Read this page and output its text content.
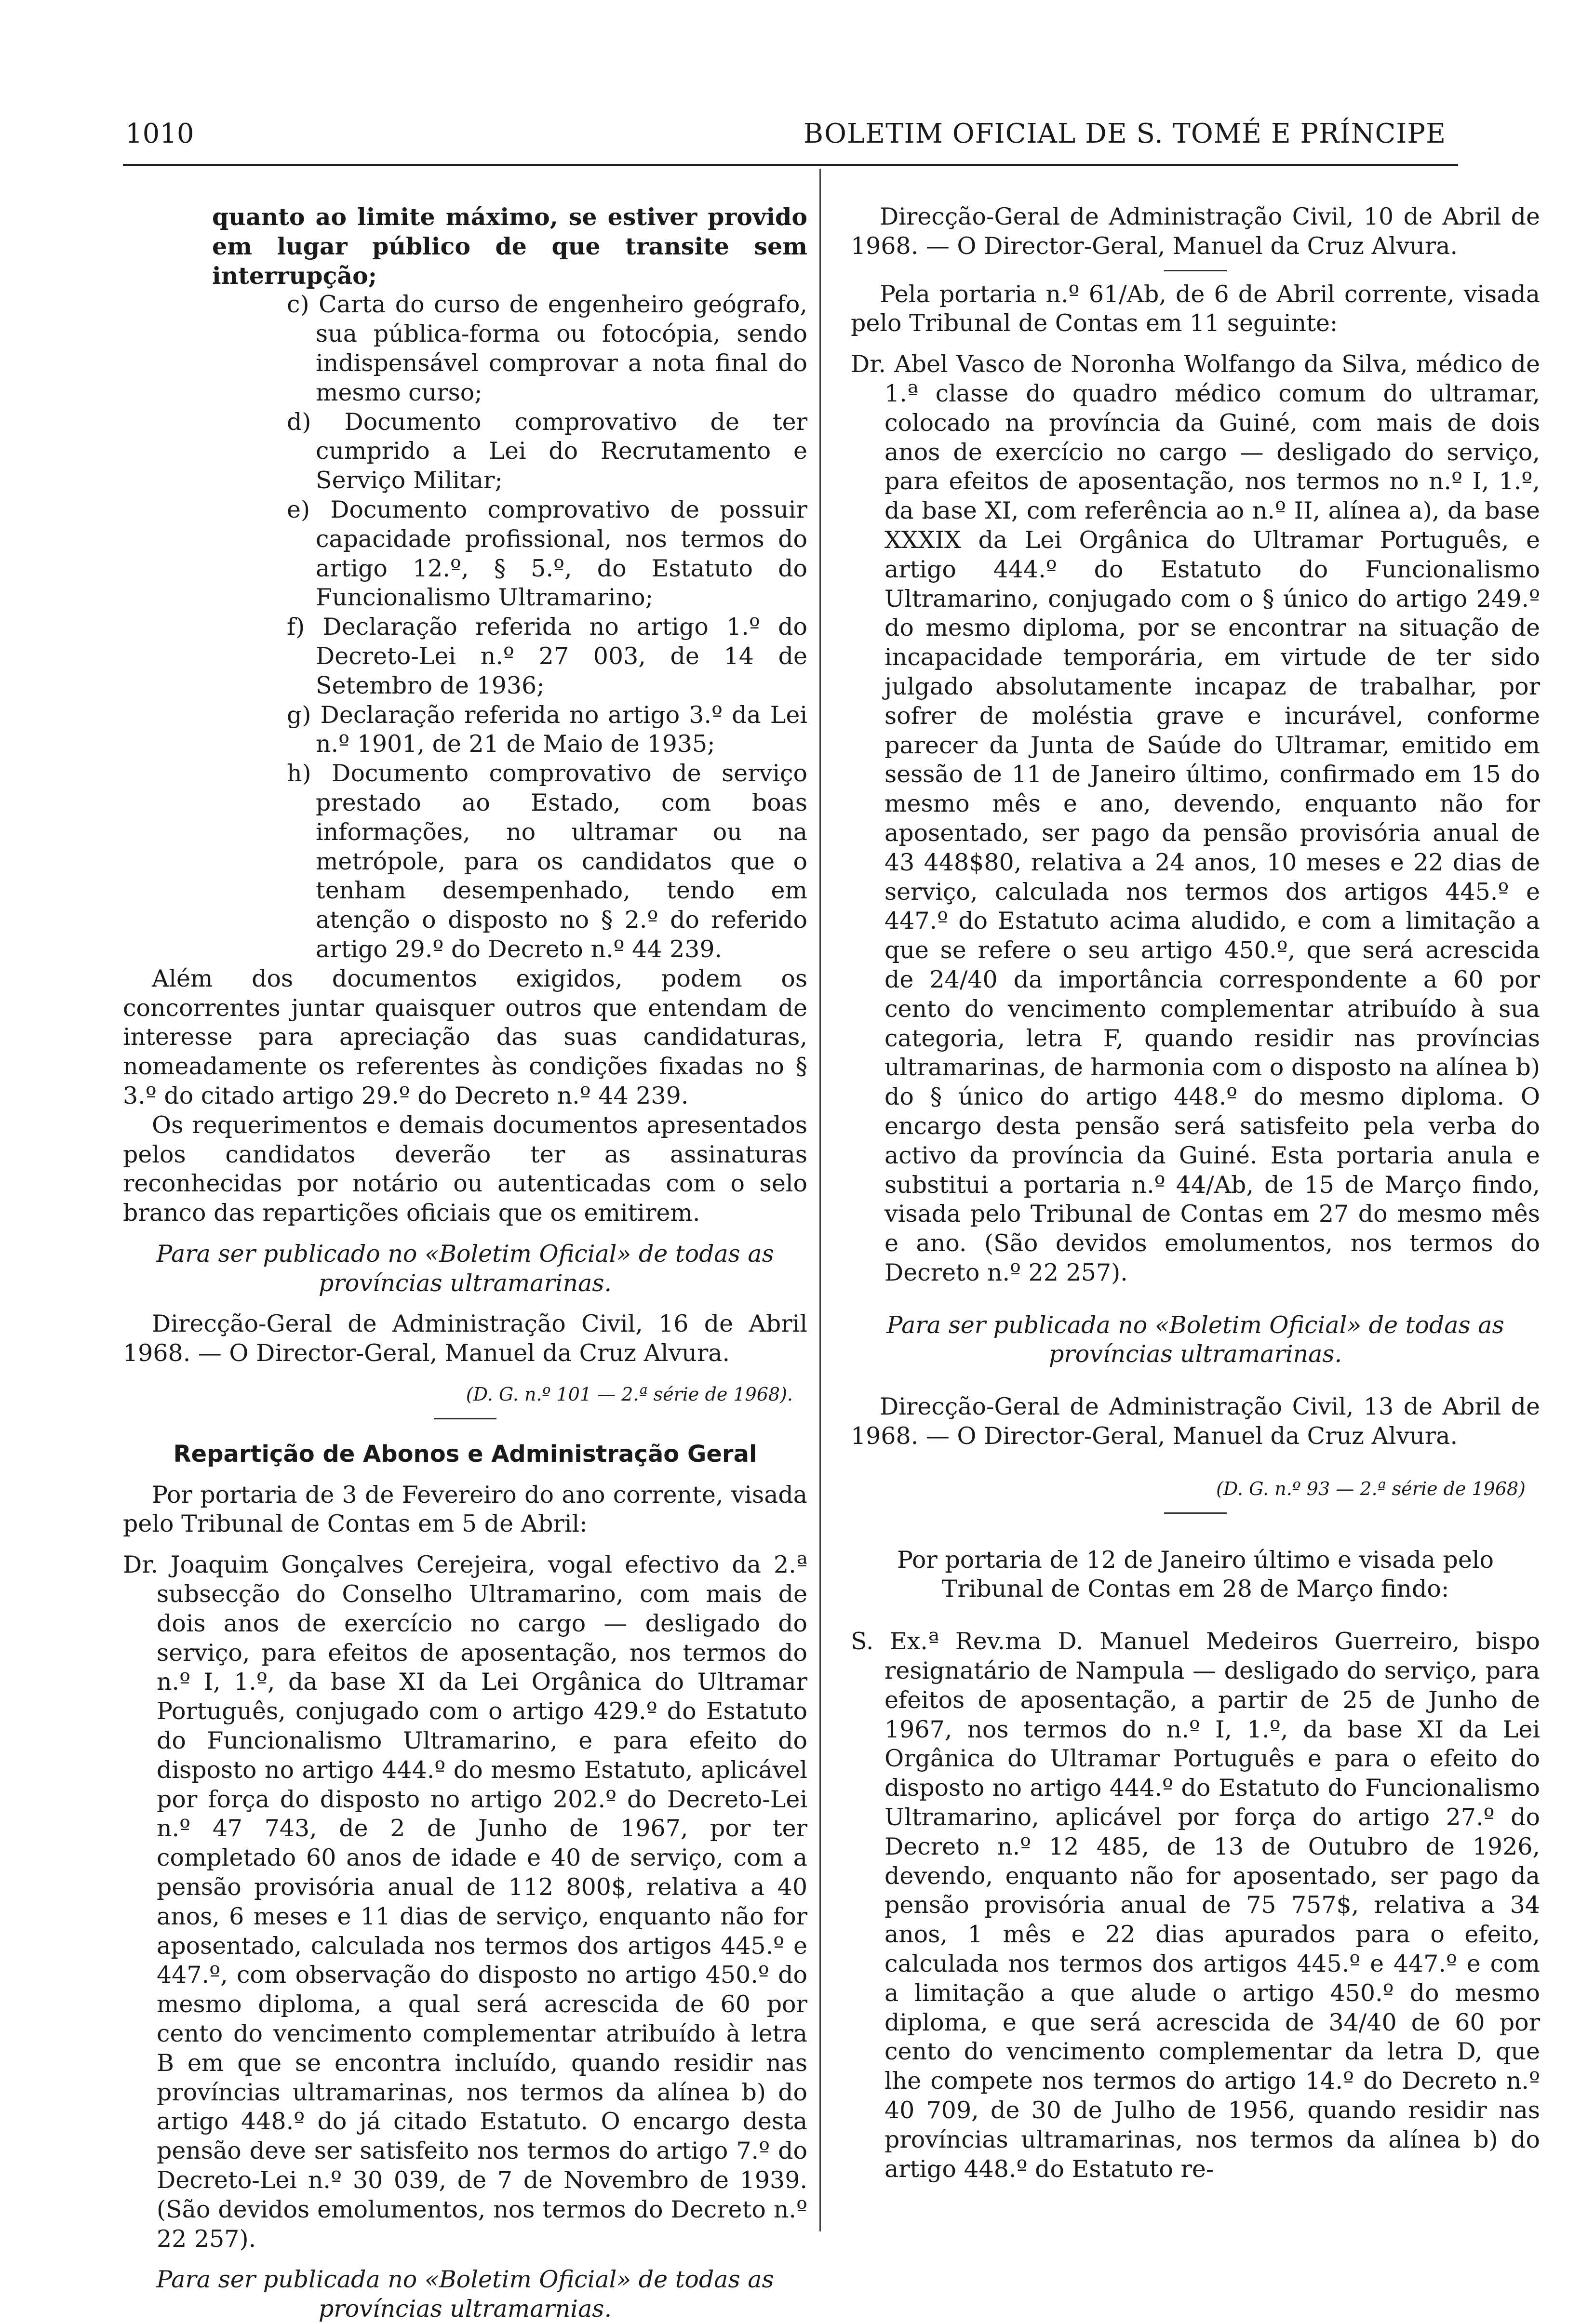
1010	BOLETIM OFICIAL DE S. TOMÉ E PRÍNCIPE

quanto ao limite máximo, se estiver provido em lugar público de que transite sem interrupção;

c) Carta do curso de engenheiro geógrafo, sua pública-forma ou fotocópia, sendo indispensável comprovar a nota final do mesmo curso;

d) Documento comprovativo de ter cumprido a Lei do Recrutamento e Serviço Militar;

e) Documento comprovativo de possuir capacidade profissional, nos termos do artigo 12.º, § 5.º, do Estatuto do Funcionalismo Ultramarino;

f) Declaração referida no artigo 1.º do Decreto-Lei n.º 27 003, de 14 de Setembro de 1936;

g) Declaração referida no artigo 3.º da Lei n.º 1901, de 21 de Maio de 1935;

h) Documento comprovativo de serviço prestado ao Estado, com boas informações, no ultramar ou na metrópole, para os candidatos que o tenham desempenhado, tendo em atenção o disposto no § 2.º do referido artigo 29.º do Decreto n.º 44 239.

Além dos documentos exigidos, podem os concorrentes juntar quaisquer outros que entendam de interesse para apreciação das suas candidaturas, nomeadamente os referentes às condições fixadas no § 3.º do citado artigo 29.º do Decreto n.º 44 239.

Os requerimentos e demais documentos apresentados pelos candidatos deverão ter as assinaturas reconhecidas por notário ou autenticadas com o selo branco das repartições oficiais que os emitirem.

Para ser publicado no «Boletim Oficial» de todas as províncias ultramarinas.

Direcção-Geral de Administração Civil, 16 de Abril 1968. — O Director-Geral, Manuel da Cruz Alvura.

(D. G. n.º 101 — 2.ª série de 1968).

Repartição de Abonos e Administração Geral

Por portaria de 3 de Fevereiro do ano corrente, visada pelo Tribunal de Contas em 5 de Abril:

Dr. Joaquim Gonçalves Cerejeira, vogal efectivo da 2.ª subsecção do Conselho Ultramarino, com mais de dois anos de exercício no cargo — desligado do serviço, para efeitos de aposentação, nos termos do n.º I, 1.º, da base XI da Lei Orgânica do Ultramar Português, conjugado com o artigo 429.º do Estatuto do Funcionalismo Ultramarino, e para efeito do disposto no artigo 444.º do mesmo Estatuto, aplicável por força do disposto no artigo 202.º do Decreto-Lei n.º 47 743, de 2 de Junho de 1967, por ter completado 60 anos de idade e 40 de serviço, com a pensão provisória anual de 112 800$, relativa a 40 anos, 6 meses e 11 dias de serviço, enquanto não for aposentado, calculada nos termos dos artigos 445.º e 447.º, com observação do disposto no artigo 450.º do mesmo diploma, a qual será acrescida de 60 por cento do vencimento complementar atribuído à letra B em que se encontra incluído, quando residir nas províncias ultramarinas, nos termos da alínea b) do artigo 448.º do já citado Estatuto. O encargo desta pensão deve ser satisfeito nos termos do artigo 7.º do Decreto-Lei n.º 30 039, de 7 de Novembro de 1939. (São devidos emolumentos, nos termos do Decreto n.º 22 257).

Para ser publicada no «Boletim Oficial» de todas as províncias ultramarnias.

Direcção-Geral de Administração Civil, 10 de Abril de 1968. — O Director-Geral, Manuel da Cruz Alvura.

Pela portaria n.º 61/Ab, de 6 de Abril corrente, visada pelo Tribunal de Contas em 11 seguinte:

Dr. Abel Vasco de Noronha Wolfango da Silva, médico de 1.ª classe do quadro médico comum do ultramar, colocado na província da Guiné, com mais de dois anos de exercício no cargo — desligado do serviço, para efeitos de aposentação, nos termos no n.º I, 1.º, da base XI, com referência ao n.º II, alínea a), da base XXXIX da Lei Orgânica do Ultramar Português, e artigo 444.º do Estatuto do Funcionalismo Ultramarino, conjugado com o § único do artigo 249.º do mesmo diploma, por se encontrar na situação de incapacidade temporária, em virtude de ter sido julgado absolutamente incapaz de trabalhar, por sofrer de moléstia grave e incurável, conforme parecer da Junta de Saúde do Ultramar, emitido em sessão de 11 de Janeiro último, confirmado em 15 do mesmo mês e ano, devendo, enquanto não for aposentado, ser pago da pensão provisória anual de 43 448$80, relativa a 24 anos, 10 meses e 22 dias de serviço, calculada nos termos dos artigos 445.º e 447.º do Estatuto acima aludido, e com a limitação a que se refere o seu artigo 450.º, que será acrescida de 24/40 da importância correspondente a 60 por cento do vencimento complementar atribuído à sua categoria, letra F, quando residir nas províncias ultramarinas, de harmonia com o disposto na alínea b) do § único do artigo 448.º do mesmo diploma. O encargo desta pensão será satisfeito pela verba do activo da província da Guiné. Esta portaria anula e substitui a portaria n.º 44/Ab, de 15 de Março findo, visada pelo Tribunal de Contas em 27 do mesmo mês e ano. (São devidos emolumentos, nos termos do Decreto n.º 22 257).

Para ser publicada no «Boletim Oficial» de todas as províncias ultramarinas.

Direcção-Geral de Administração Civil, 13 de Abril de 1968. — O Director-Geral, Manuel da Cruz Alvura.

(D. G. n.º 93 — 2.ª série de 1968)

Por portaria de 12 de Janeiro último e visada pelo Tribunal de Contas em 28 de Março findo:

S. Ex.ª Rev.ma D. Manuel Medeiros Guerreiro, bispo resignatário de Nampula — desligado do serviço, para efeitos de aposentação, a partir de 25 de Junho de 1967, nos termos do n.º I, 1.º, da base XI da Lei Orgânica do Ultramar Português e para o efeito do disposto no artigo 444.º do Estatuto do Funcionalismo Ultramarino, aplicável por força do artigo 27.º do Decreto n.º 12 485, de 13 de Outubro de 1926, devendo, enquanto não for aposentado, ser pago da pensão provisória anual de 75 757$, relativa a 34 anos, 1 mês e 22 dias apurados para o efeito, calculada nos termos dos artigos 445.º e 447.º e com a limitação a que alude o artigo 450.º do mesmo diploma, e que será acrescida de 34/40 de 60 por cento do vencimento complementar da letra D, que lhe compete nos termos do artigo 14.º do Decreto n.º 40 709, de 30 de Julho de 1956, quando residir nas províncias ultramarinas, nos termos da alínea b) do artigo 448.º do Estatuto re-
